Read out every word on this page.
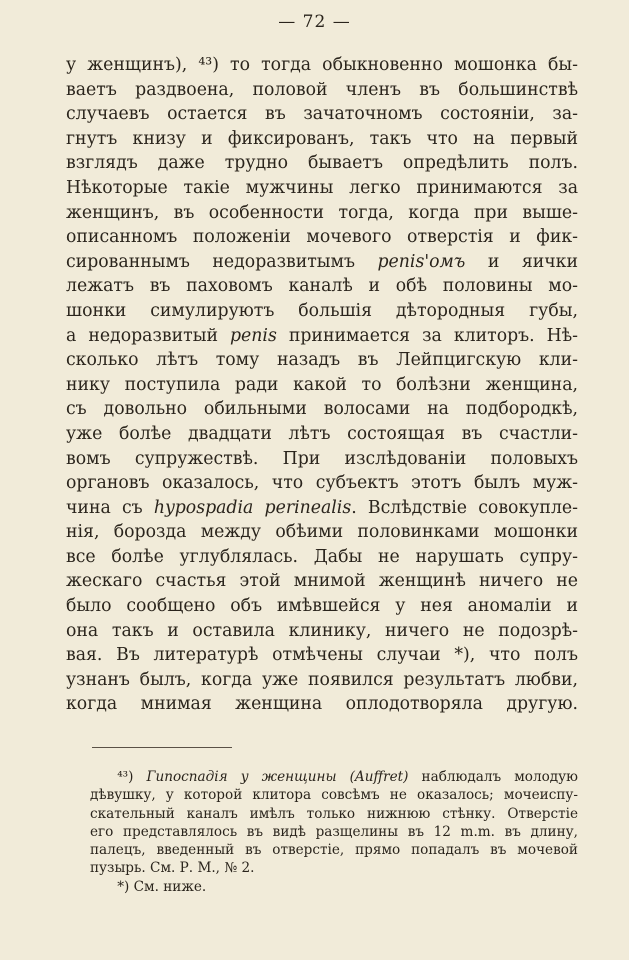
— 72 —
у женщинъ), ⁴³) то тогда обыкновенно мошонка бы-
ваетъ раздвоена, половой членъ въ большинствѣ
случаевъ остается въ зачаточномъ состоянiи, за-
гнутъ книзу и фиксированъ, такъ что на первый
взглядъ даже трудно бываетъ опредѣлить полъ.
Нѣкоторые такiе мужчины легко принимаются за
женщинъ, въ особенности тогда, когда при выше-
описанномъ положенiи мочевого отверстiя и фик-
сированнымъ недоразвитымъ penis'омъ и яички
лежатъ въ паховомъ каналѣ и обѣ половины мо-
шонки симулируютъ большiя дѣтородныя губы,
а недоразвитый penis принимается за клиторъ. Нѣ-
сколько лѣтъ тому назадъ въ Лейпцигскую кли-
нику поступила ради какой то болѣзни женщина,
съ довольно обильными волосами на подбородкѣ,
уже болѣе двадцати лѣтъ состоящая въ счастли-
вомъ супружествѣ. При изслѣдованiи половыхъ
органовъ оказалось, что субъектъ этотъ былъ муж-
чина съ hypospadia perinealis. Вслѣдствiе совокупле-
нiя, борозда между обѣими половинками мошонки
все болѣе углублялась. Дабы не нарушать супру-
жескаго счастья этой мнимой женщинѣ ничего не
было сообщено объ имѣвшейся у нея аномалiи и
она такъ и оставила клинику, ничего не подозрѣ-
вая. Въ литературѣ отмѣчены случаи *), что полъ
узнанъ былъ, когда уже появился результатъ любви,
когда мнимая женщина оплодотворяла другую.
  ⁴³) Гипоспадiя у женщины (Auffret) наблюдалъ молодую
дѣвушку, у которой клитора совсѣмъ не оказалось; мочеиспу-
скательный каналъ имѣлъ только нижнюю стѣнку. Отверстiе
его представлялось въ видѣ разщелины въ 12 m.m. въ длину,
палецъ, введенный въ отверстiе, прямо попадалъ въ мочевой
пузырь. См. Р. М., № 2.
  *) См. ниже.
